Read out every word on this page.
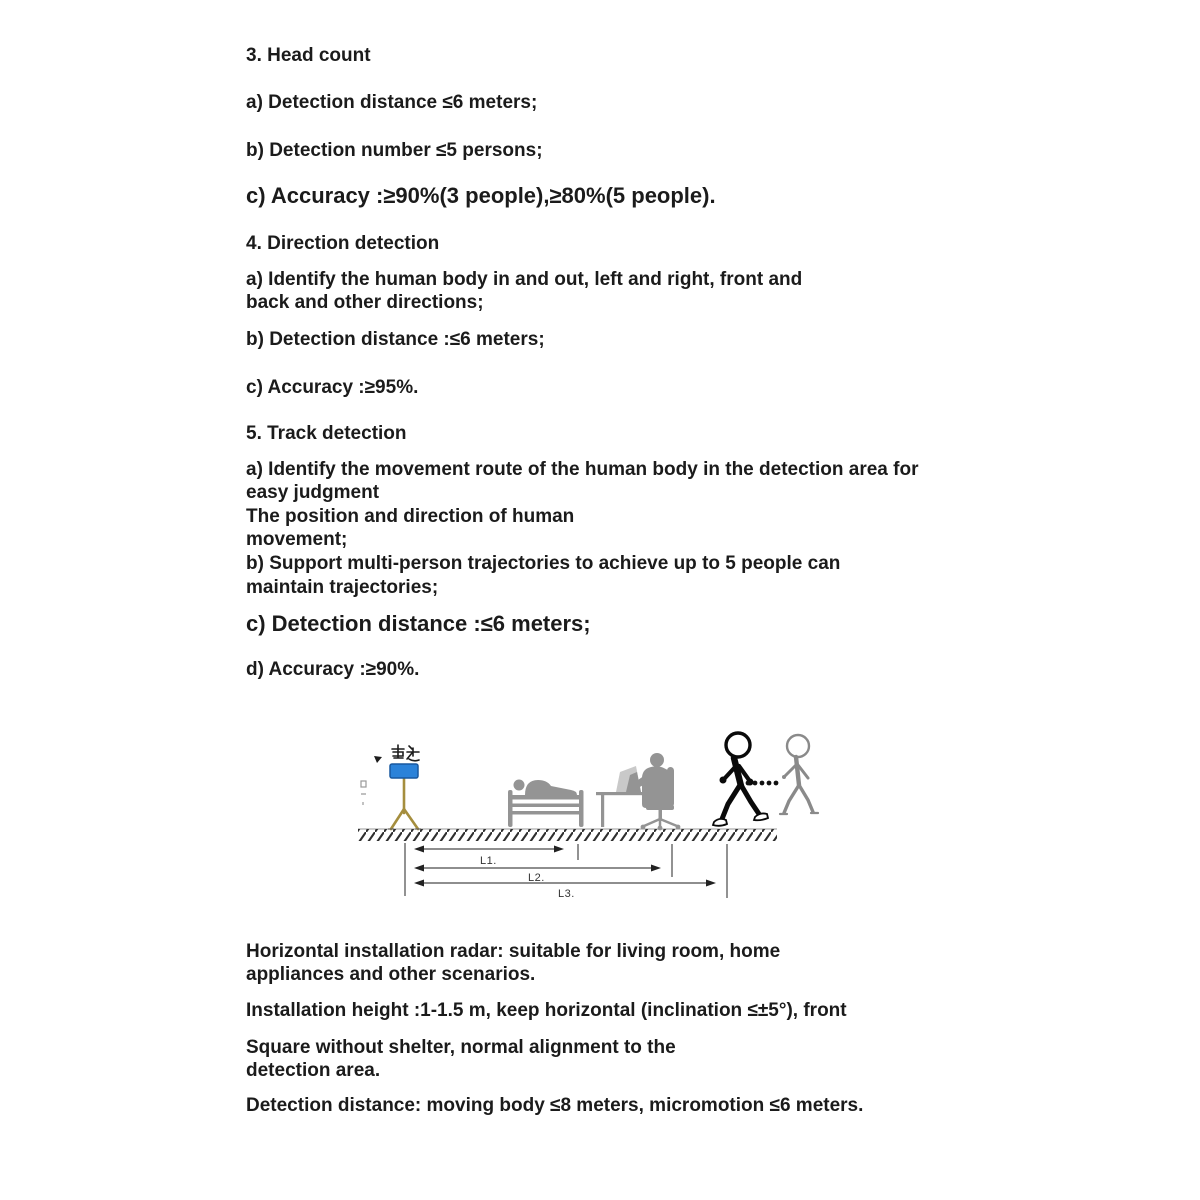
3. Head count
a) Detection distance ≤6 meters;
b) Detection number ≤5 persons;
c) Accuracy :≥90%(3 people),≥80%(5 people).
4. Direction detection
a) Identify the human body in and out, left and right, front and
back and other directions;
b) Detection distance :≤6 meters;
c) Accuracy :≥95%.
5. Track detection
a) Identify the movement route of the human body in the detection area for
easy judgment
The position and direction of human
movement;
b) Support multi-person trajectories to achieve up to 5 people can
maintain trajectories;
c) Detection distance :≤6 meters;
d) Accuracy :≥90%.
L1.
L2.
L3.
Horizontal installation radar: suitable for living room, home
appliances and other scenarios.
Installation height :1-1.5 m, keep horizontal (inclination ≤±5°), front
Square without shelter, normal alignment to the
detection area.
Detection distance: moving body ≤8 meters, micromotion ≤6 meters.
